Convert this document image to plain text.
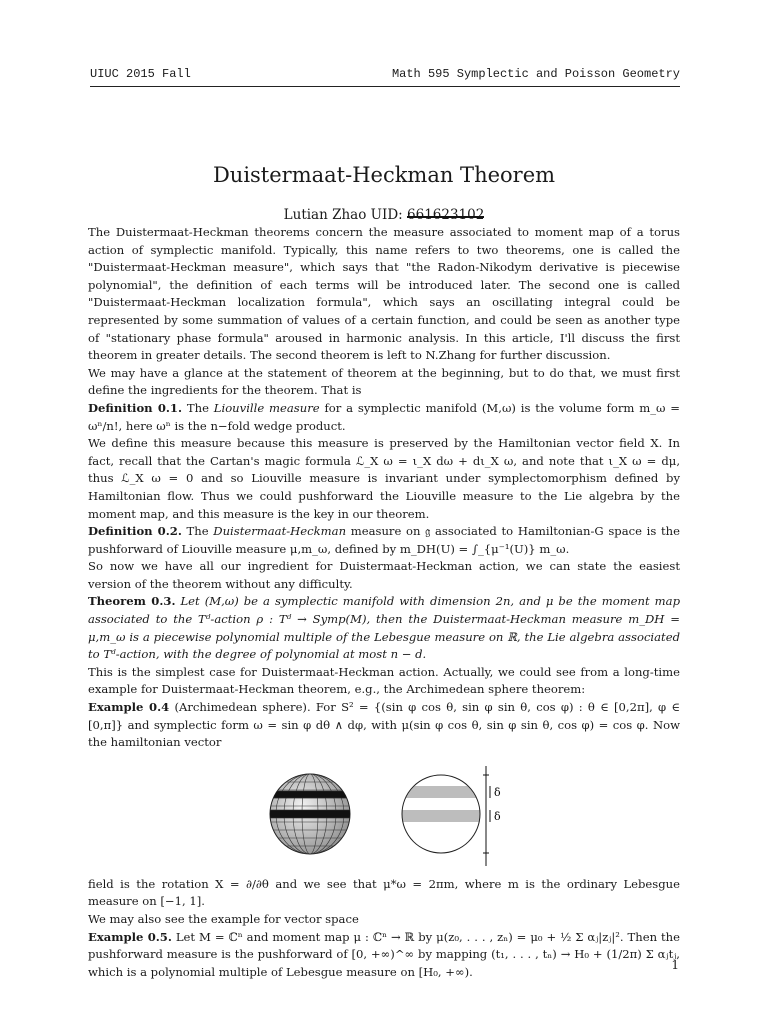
UIUC 2015 Fall	Math 595 Symplectic and Poisson Geometry
Duistermaat-Heckman Theorem
Lutian Zhao UID: 661623102

The Duistermaat-Heckman theorems concern the measure associated to moment map of a torus action of symplectic manifold. Typically, this name refers to two theorems, one is called the "Duistermaat-Heckman measure", which says that "the Radon-Nikodym derivative is piecewise polynomial", the definition of each terms will be introduced later. The second one is called "Duistermaat-Heckman localization formula", which says an oscillating integral could be represented by some summation of values of a certain function, and could be seen as another type of "stationary phase formula" aroused in harmonic analysis. In this article, I'll discuss the first theorem in greater details. The second theorem is left to N.Zhang for further discussion.

We may have a glance at the statement of theorem at the beginning, but to do that, we must first define the ingredients for the theorem. That is

Definition 0.1. The Liouville measure for a symplectic manifold (M,ω) is the volume form m_ω = ωⁿ/n!, here ωⁿ is the n−fold wedge product.

We define this measure because this measure is preserved by the Hamiltonian vector field X. In fact, recall that the Cartan's magic formula ℒ_X ω = ι_X dω + dι_X ω, and note that ι_X ω = dμ, thus ℒ_X ω = 0 and so Liouville measure is invariant under symplectomorphism defined by Hamiltonian flow. Thus we could pushforward the Liouville measure to the Lie algebra by the moment map, and this measure is the key in our theorem.

Definition 0.2. The Duistermaat-Heckman measure on 𝔤 associated to Hamiltonian-G space is the pushforward of Liouville measure μ,m_ω, defined by m_DH(U) = ∫_{μ⁻¹(U)} m_ω.

So now we have all our ingredient for Duistermaat-Heckman action, we can state the easiest version of the theorem without any difficulty.

Theorem 0.3. Let (M,ω) be a symplectic manifold with dimension 2n, and μ be the moment map associated to the Tᵈ-action ρ : Tᵈ → Symp(M), then the Duistermaat-Heckman measure m_DH = μ,m_ω is a piecewise polynomial multiple of the Lebesgue measure on ℝ, the Lie algebra associated to Tᵈ-action, with the degree of polynomial at most n − d.

This is the simplest case for Duistermaat-Heckman action. Actually, we could see from a long-time example for Duistermaat-Heckman theorem, e.g., the Archimedean sphere theorem:

Example 0.4 (Archimedean sphere). For S² = {(sin φ cos θ, sin φ sin θ, cos φ) : θ ∈ [0,2π], φ ∈ [0,π]} and symplectic form ω = sin φ dθ ∧ dφ, with μ(sin φ cos θ, sin φ sin θ, cos φ) = cos φ. Now the hamiltonian vector

δ
δ

field is the rotation X = ∂/∂θ and we see that μ*ω = 2πm, where m is the ordinary Lebesgue measure on [−1, 1].

We may also see the example for vector space

Example 0.5. Let M = ℂⁿ and moment map μ : ℂⁿ → ℝ by μ(z₀, . . . , zₙ) = μ₀ + ½ Σ αⱼ|zⱼ|². Then the pushforward measure is the pushforward of [0, +∞)^∞ by mapping (t₁, . . . , tₙ) → H₀ + (1/2π) Σ αⱼtⱼ, which is a polynomial multiple of Lebesgue measure on [H₀, +∞).	1
